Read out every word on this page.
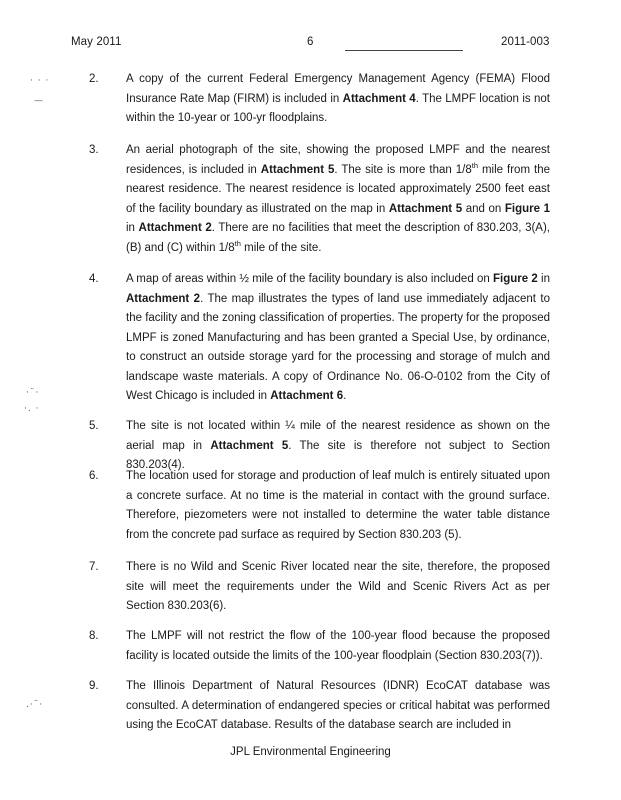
May 2011	6	2011-003
· · ·
—
·¨·
·. ·
.·¨·
2. A copy of the current Federal Emergency Management Agency (FEMA) Flood Insurance Rate Map (FIRM) is included in Attachment 4. The LMPF location is not within the 10-year or 100-yr floodplains.

3. An aerial photograph of the site, showing the proposed LMPF and the nearest residences, is included in Attachment 5. The site is more than 1/8th mile from the nearest residence. The nearest residence is located approximately 2500 feet east of the facility boundary as illustrated on the map in Attachment 5 and on Figure 1 in Attachment 2. There are no facilities that meet the description of 830.203, 3(A), (B) and (C) within 1/8th mile of the site.

4. A map of areas within ½ mile of the facility boundary is also included on Figure 2 in Attachment 2. The map illustrates the types of land use immediately adjacent to the facility and the zoning classification of properties. The property for the proposed LMPF is zoned Manufacturing and has been granted a Special Use, by ordinance, to construct an outside storage yard for the processing and storage of mulch and landscape waste materials. A copy of Ordinance No. 06-O-0102 from the City of West Chicago is included in Attachment 6.

5. The site is not located within ¼ mile of the nearest residence as shown on the aerial map in Attachment 5. The site is therefore not subject to Section 830.203(4).

6. The location used for storage and production of leaf mulch is entirely situated upon a concrete surface. At no time is the material in contact with the ground surface. Therefore, piezometers were not installed to determine the water table distance from the concrete pad surface as required by Section 830.203 (5).

7. There is no Wild and Scenic River located near the site, therefore, the proposed site will meet the requirements under the Wild and Scenic Rivers Act as per Section 830.203(6).

8. The LMPF will not restrict the flow of the 100-year flood because the proposed facility is located outside the limits of the 100-year floodplain (Section 830.203(7)).

9. The Illinois Department of Natural Resources (IDNR) EcoCAT database was consulted. A determination of endangered species or critical habitat was performed using the EcoCAT database. Results of the database search are included in

JPL Environmental Engineering
